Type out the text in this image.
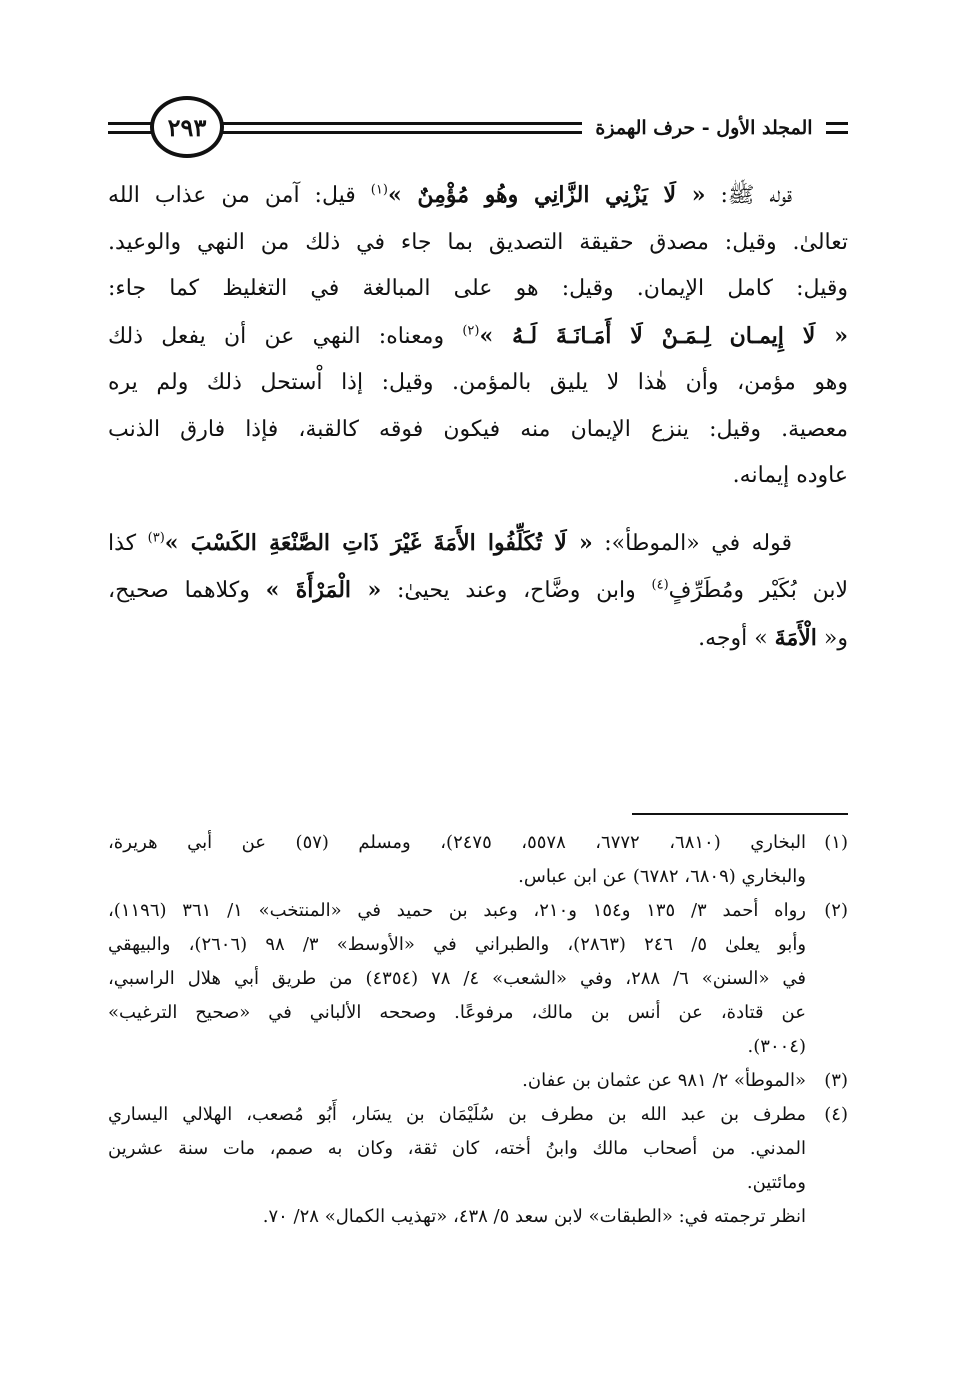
٢٩٣	المجلد الأول - حرف الهمزة

قوله ﷺ: « لَا يَزْنِي الزَّانِي وهُو مُؤْمِنٌ »$^{(١)}$ قيل: آمن من عذاب الله

تعالىٰ. وقيل: مصدق حقيقة التصديق بما جاء في ذلك من النهي والوعيد.

وقيل: كامل الإيمان. وقيل: هو على المبالغة في التغليظ كما جاء:

« لَا إِيمـان لِـمَـنْ لَا أَمَـانَـةَ لَـهُ »$^{(٢)}$ ومعناه: النهي عن أن يفعل ذلك

وهو مؤمن، وأن هٰذا لا يليق بالمؤمن. وقيل: إذا اْستحل ذلك ولم يره

معصية. وقيل: ينزع الإيمان منه فيكون فوقه كالقبة، فإذا فارق الذنب

عاوده إيمانه.

قوله في «الموطأ»: « لَا تُكَلِّفُوا الأَمَةَ غَيْرَ ذَاتِ الصَّنْعَةِ الكَسْبَ »$^{(٣)}$ كذا

لابن بُكَيْر ومُطَرِّفٍ$^{(٤)}$ وابن وضَّاح، وعند يحيىٰ: « الْمَرْأَةَ » وكلاهما صحيح،

و« الْأَمَةَ » أوجه.

(١)

البخاري (٦٨١٠، ٦٧٧٢، ٥٥٧٨، ٢٤٧٥)، ومسلم (٥٧) عن أبي هريرة،

والبخاري (٦٨٠٩، ٦٧٨٢) عن ابن عباس.

(٢)

رواه أحمد ٣/ ١٣٥ و١٥٤ و٢١٠، وعبد بن حميد في «المنتخب» ١/ ٣٦١ (١١٩٦)،

وأبو يعلىٰ ٥/ ٢٤٦ (٢٨٦٣)، والطبراني في «الأوسط» ٣/ ٩٨ (٢٦٠٦)، والبيهقي

في «السنن» ٦/ ٢٨٨، وفي «الشعب» ٤/ ٧٨ (٤٣٥٤) من طريق أبي هلال الراسبي،

عن قتادة، عن أنس بن مالك، مرفوعًا. وصححه الألباني في «صحيح الترغيب»

(٣٠٠٤).

(٣)

«الموطأ» ٢/ ٩٨١ عن عثمان بن عفان.

(٤)

مطرف بن عبد الله بن مطرف بن سُلَيْمَان بن يسَار، أَبُو مُصعب، الهلالي اليساري

المدني. من أصحاب مالك وابنُ أخته، كان ثقة، وكان به صمم، مات سنة عشرين

ومائتين.

انظر ترجمته في: «الطبقات» لابن سعد ٥/ ٤٣٨، «تهذيب الكمال» ٢٨/ ٧٠.
